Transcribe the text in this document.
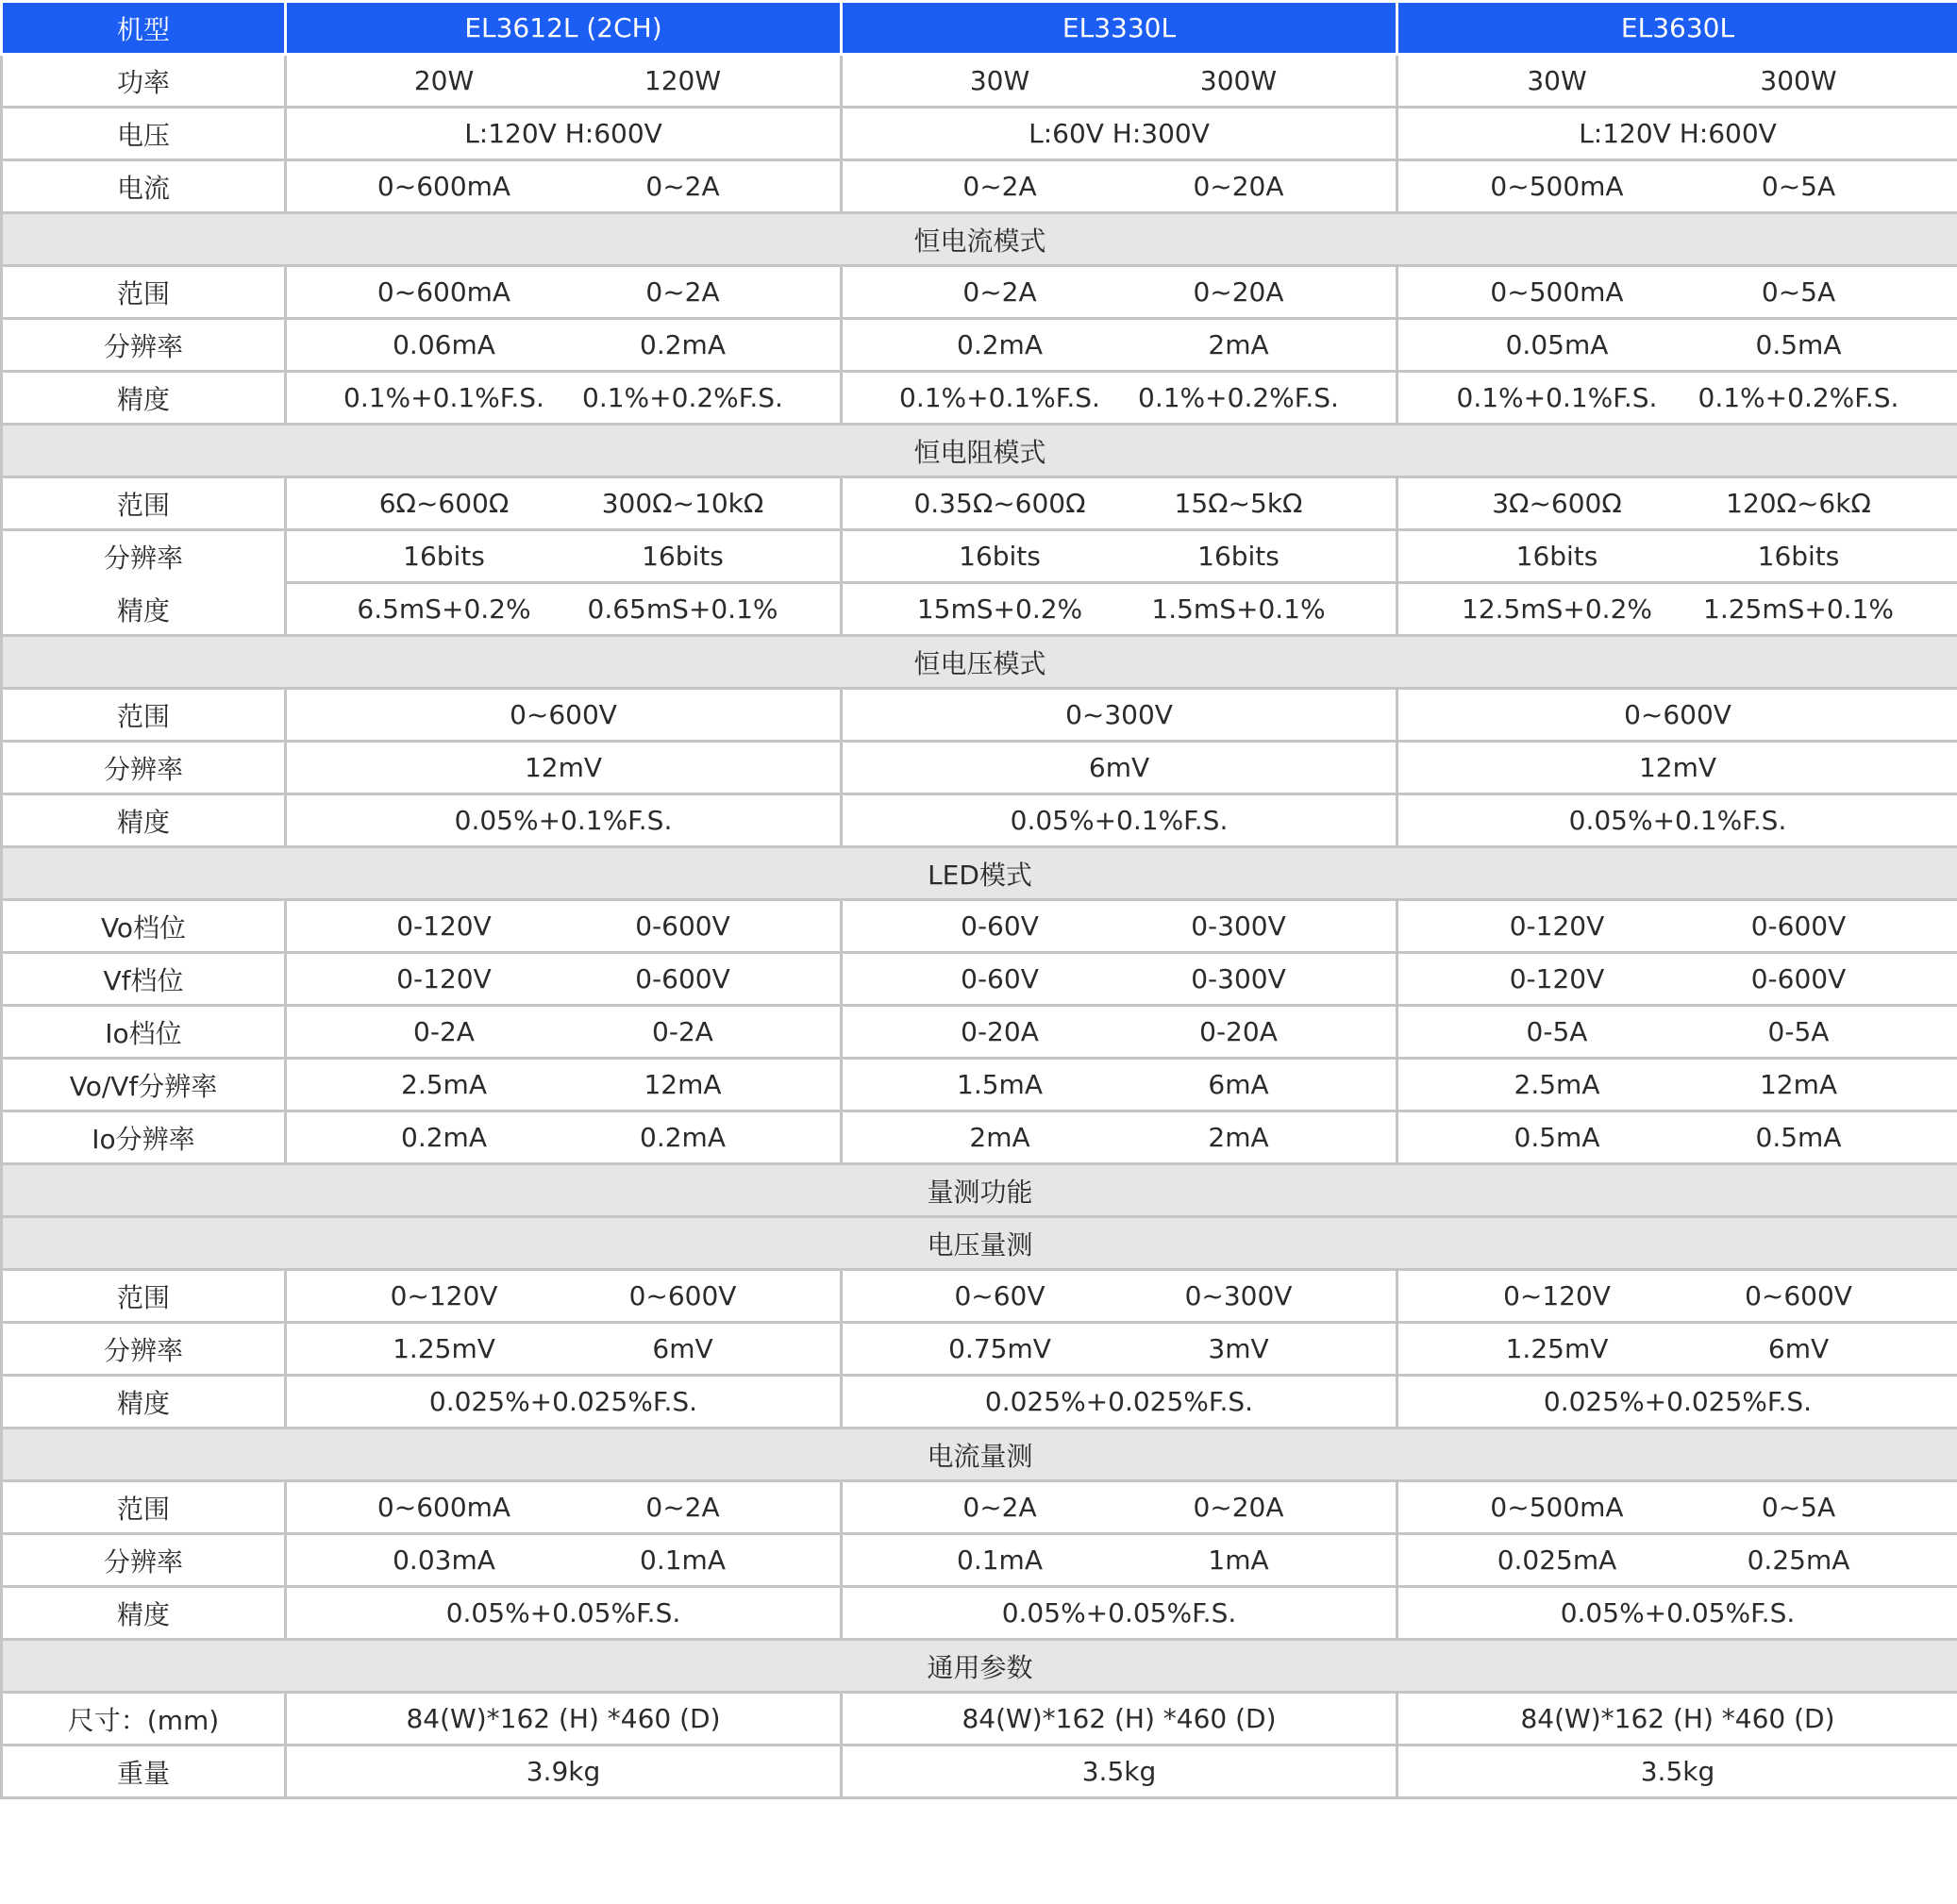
机型	EL3612L (2CH)	EL3330L	EL3630L
功率	20W 120W	30W 300W	30W 300W

电压	L:120V H:600V	L:60V H:300V	L:120V H:600V
电流	0~600mA 0~2A	0~2A 0~20A	0~500mA 0~5A

恒电流模式			
范围	0~600mA 0~2A	0~2A 0~20A	0~500mA 0~5A

分辨率	0.06mA 0.2mA	0.2mA 2mA	0.05mA 0.5mA

精度	0.1%+0.1%F.S. 0.1%+0.2%F.S.	0.1%+0.1%F.S. 0.1%+0.2%F.S.	0.1%+0.1%F.S. 0.1%+0.2%F.S.

恒电阻模式			
范围	6Ω~600Ω 300Ω~10kΩ	0.35Ω~600Ω 15Ω~5kΩ	3Ω~600Ω 120Ω~6kΩ

分辨率	16bits 16bits	16bits 16bits	16bits 16bits

精度	6.5mS+0.2% 0.65mS+0.1%	15mS+0.2% 1.5mS+0.1%	12.5mS+0.2% 1.25mS+0.1%

恒电压模式			
范围	0~600V	0~300V	0~600V
分辨率	12mV	6mV	12mV
精度	0.05%+0.1%F.S.	0.05%+0.1%F.S.	0.05%+0.1%F.S.
LED模式			
Vo档位	0-120V 0-600V	0-60V 0-300V	0-120V 0-600V

Vf档位	0-120V 0-600V	0-60V 0-300V	0-120V 0-600V

Io档位	0-2A 0-2A	0-20A 0-20A	0-5A 0-5A

Vo/Vf分辨率	2.5mA 12mA	1.5mA 6mA	2.5mA 12mA

Io分辨率	0.2mA 0.2mA	2mA 2mA	0.5mA 0.5mA

量测功能			
电压量测			
范围	0~120V 0~600V	0~60V 0~300V	0~120V 0~600V

分辨率	1.25mV 6mV	0.75mV 3mV	1.25mV 6mV

精度	0.025%+0.025%F.S.	0.025%+0.025%F.S.	0.025%+0.025%F.S.
电流量测			
范围	0~600mA 0~2A	0~2A 0~20A	0~500mA 0~5A

分辨率	0.03mA 0.1mA	0.1mA 1mA	0.025mA 0.25mA

精度	0.05%+0.05%F.S.	0.05%+0.05%F.S.	0.05%+0.05%F.S.
通用参数			
尺寸：(mm)	84(W)*162 (H) *460 (D)	84(W)*162 (H) *460 (D)	84(W)*162 (H) *460 (D)
重量	3.9kg	3.5kg	3.5kg
